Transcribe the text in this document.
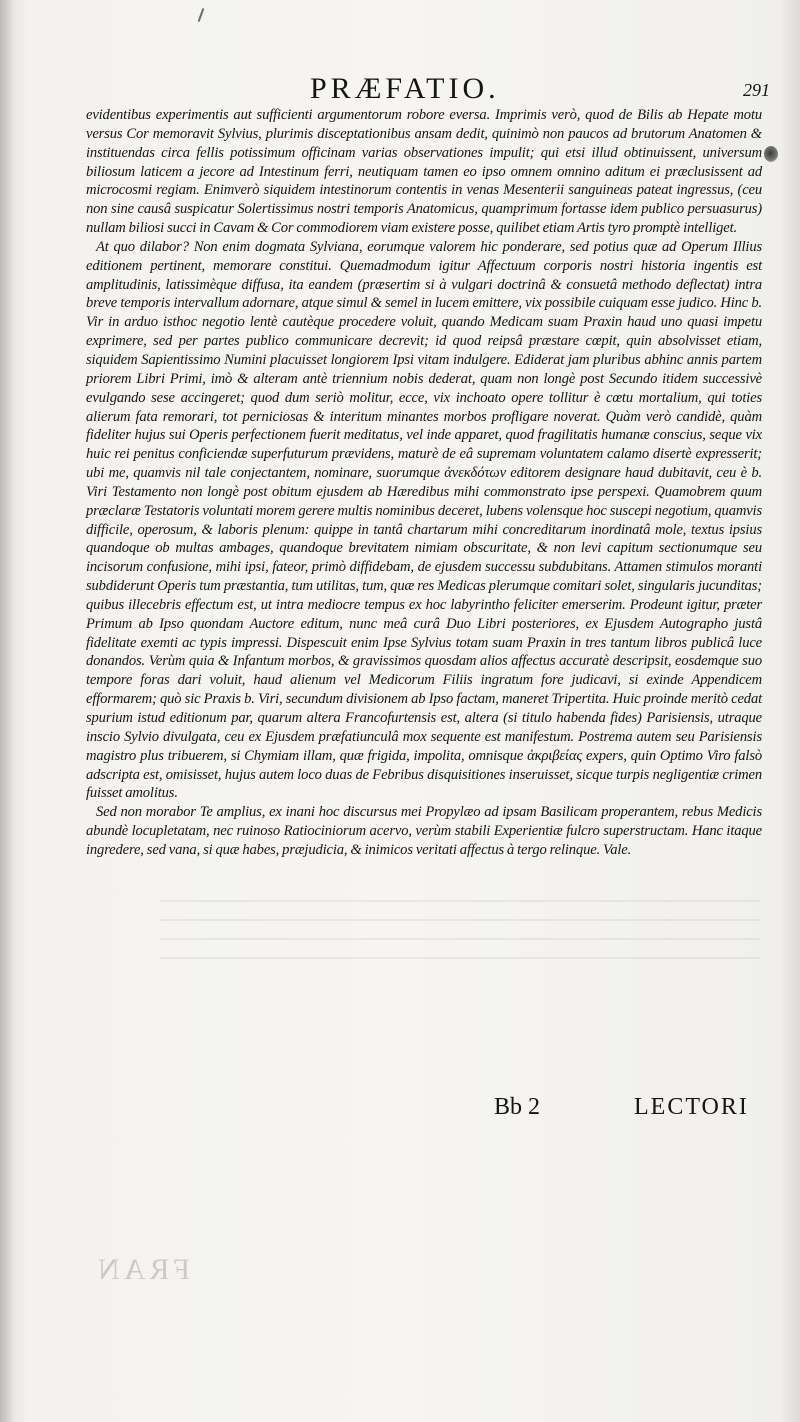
PRÆFATIO.	291

evidentibus experimentis aut sufficienti argumentorum robore eversa. Imprimis verò, quod de Bilis ab Hepate motu versus Cor memoravit Sylvius, plurimis disceptationibus ansam dedit, quinimò non paucos ad brutorum Anatomen & instituendas circa fellis potissimum officinam varias observationes impulit; qui etsi illud obtinuissent, universum biliosum laticem a jecore ad Intestinum ferri, neutiquam tamen eo ipso omnem omnino aditum ei præclusissent ad microcosmi regiam. Enimverò siquidem intestinorum contentis in venas Mesenterii sanguineas pateat ingressus, (ceu non sine causâ suspicatur Solertissimus nostri temporis Anatomicus, quamprimum fortasse idem publico persuasurus) nullam biliosi succi in Cavam & Cor commodiorem viam existere posse, quilibet etiam Artis tyro promptè intelliget.

At quo dilabor? Non enim dogmata Sylviana, eorumque valorem hic ponderare, sed potius quæ ad Operum Illius editionem pertinent, memorare constitui. Quemadmodum igitur Affectuum corporis nostri historia ingentis est amplitudinis, latissimèque diffusa, ita eandem (præsertim si à vulgari doctrinâ & consuetâ methodo deflectat) intra breve temporis intervallum adornare, atque simul & semel in lucem emittere, vix possibile cuiquam esse judico. Hinc b. Vir in arduo isthoc negotio lentè cautèque procedere voluit, quando Medicam suam Praxin haud uno quasi impetu exprimere, sed per partes publico communicare decrevit; id quod reipsâ præstare cœpit, quin absolvisset etiam, siquidem Sapientissimo Numini placuisset longiorem Ipsi vitam indulgere. Ediderat jam pluribus abhinc annis partem priorem Libri Primi, imò & alteram antè triennium nobis dederat, quam non longè post Secundo itidem successivè evulgando sese accingeret; quod dum seriò molitur, ecce, vix inchoato opere tollitur è cœtu mortalium, qui toties alierum fata remorari, tot perniciosas & interitum minantes morbos profligare noverat. Quàm verò candidè, quàm fideliter hujus sui Operis perfectionem fuerit meditatus, vel inde apparet, quod fragilitatis humanæ conscius, seque vix huic rei penitus conficiendæ superfuturum prævidens, maturè de eâ supremam voluntatem calamo disertè expresserit; ubi me, quamvis nil tale conjectantem, nominare, suorumque ἀνεκδότων editorem designare haud dubitavit, ceu è b. Viri Testamento non longè post obitum ejusdem ab Hæredibus mihi commonstrato ipse perspexi. Quamobrem quum præclaræ Testatoris voluntati morem gerere multis nominibus deceret, lubens volensque hoc suscepi negotium, quamvis difficile, operosum, & laboris plenum: quippe in tantâ chartarum mihi concreditarum inordinatâ mole, textus ipsius quandoque ob multas ambages, quandoque brevitatem nimiam obscuritate, & non levi capitum sectionumque seu incisorum confusione, mihi ipsi, fateor, primò diffidebam, de ejusdem successu subdubitans. Attamen stimulos moranti subdiderunt Operis tum præstantia, tum utilitas, tum, quæ res Medicas plerumque comitari solet, singularis jucunditas; quibus illecebris effectum est, ut intra mediocre tempus ex hoc labyrintho feliciter emerserim. Prodeunt igitur, præter Primum ab Ipso quondam Auctore editum, nunc meâ curâ Duo Libri posteriores, ex Ejusdem Autographo justâ fidelitate exemti ac typis impressi. Dispescuit enim Ipse Sylvius totam suam Praxin in tres tantum libros publicâ luce donandos. Verùm quia & Infantum morbos, & gravissimos quosdam alios affectus accuratè descripsit, eosdemque suo tempore foras dari voluit, haud alienum vel Medicorum Filiis ingratum fore judicavi, si exinde Appendicem efformarem; quò sic Praxis b. Viri, secundum divisionem ab Ipso factam, maneret Tripertita. Huic proinde meritò cedat spurium istud editionum par, quarum altera Francofurtensis est, altera (si titulo habenda fides) Parisiensis, utraque inscio Sylvio divulgata, ceu ex Ejusdem præfatiunculâ mox sequente est manifestum. Postrema autem seu Parisiensis magistro plus tribuerem, si Chymiam illam, quæ frigida, impolita, omnisque ἀκριβείας expers, quin Optimo Viro falsò adscripta est, omisisset, hujus autem loco duas de Febribus disquisitiones inseruisset, sicque turpis negligentiæ crimen fuisset amolitus.

Sed non morabor Te amplius, ex inani hoc discursus mei Propylæo ad ipsam Basilicam properantem, rebus Medicis abundè locupletatam, nec ruinoso Ratiociniorum acervo, verùm stabili Experientiæ fulcro superstructam. Hanc itaque ingredere, sed vana, si quæ habes, præjudicia, & inimicos veritati affectus à tergo relinque. Vale.

Bb 2	LECTORI
FRAN
